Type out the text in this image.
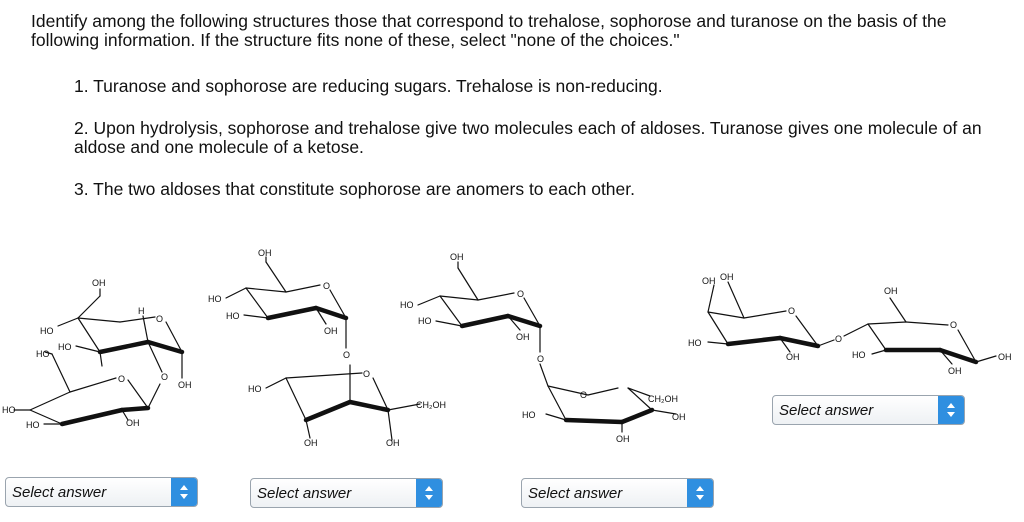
Identify among the following structures those that correspond to trehalose, sophorose and turanose on the basis of the following information. If the structure fits none of these, select "none of the choices."

1. Turanose and sophorose are reducing sugars. Trehalose is non-reducing.

2. Upon hydrolysis, sophorose and trehalose give two molecules each of aldoses. Turanose gives one molecule of an aldose and one molecule of a ketose.

3. The two aldoses that constitute sophorose are anomers to each other.

OH
HO
HO
HO
H
O
O
OH
O
HO
HO	OH
OH
HO
HO
O
OH
O
O
HO
CH₂OH
OH	OH
OH
HO
HO
O
OH
O
O	CH₂OH
HO	OH
OH
OH OH
O
HO
OH
O
OH
O
HO
OH
OH
Select answer	Select answer	Select answer
Select answer
